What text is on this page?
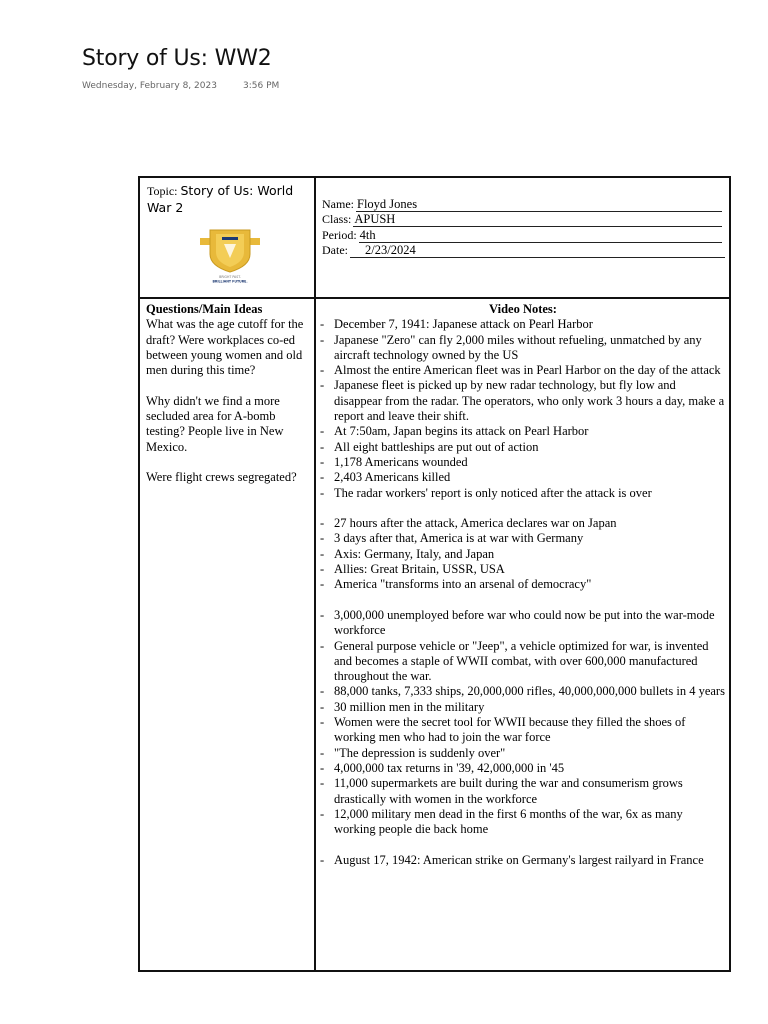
Story of Us: WW2
Wednesday, February 8, 2023	3:56 PM
Topic: Story of Us: World War 2
BRIGHT PAST.
BRILLIANT FUTURE.
Name: Floyd Jones
Class: APUSH
Period: 4th
Date:	2/23/2024
Questions/Main Ideas
What was the age cutoff for the draft? Were workplaces co-ed between young women and old men during this time?
Why didn't we find a more secluded area for A-bomb testing? People live in New Mexico.
Were flight crews segregated?
Video Notes:
- December 7, 1941: Japanese attack on Pearl Harbor
- Japanese "Zero" can fly 2,000 miles without refueling, unmatched by any aircraft technology owned by the US
- Almost the entire American fleet was in Pearl Harbor on the day of the attack
- Japanese fleet is picked up by new radar technology, but fly low and disappear from the radar. The operators, who only work 3 hours a day, make a report and leave their shift.
- At 7:50am, Japan begins its attack on Pearl Harbor
- All eight battleships are put out of action
- 1,178 Americans wounded
- 2,403 Americans killed
- The radar workers' report is only noticed after the attack is over
- 27 hours after the attack, America declares war on Japan
- 3 days after that, America is at war with Germany
- Axis: Germany, Italy, and Japan
- Allies: Great Britain, USSR, USA
- America "transforms into an arsenal of democracy"
- 3,000,000 unemployed before war who could now be put into the war-mode workforce
- General purpose vehicle or "Jeep", a vehicle optimized for war, is invented and becomes a staple of WWII combat, with over 600,000 manufactured throughout the war.
- 88,000 tanks, 7,333 ships, 20,000,000 rifles, 40,000,000,000 bullets in 4 years
- 30 million men in the military
- Women were the secret tool for WWII because they filled the shoes of working men who had to join the war force
- "The depression is suddenly over"
- 4,000,000 tax returns in '39, 42,000,000 in '45
- 11,000 supermarkets are built during the war and consumerism grows drastically with women in the workforce
- 12,000 military men dead in the first 6 months of the war, 6x as many working people die back home
- August 17, 1942: American strike on Germany's largest railyard in France
